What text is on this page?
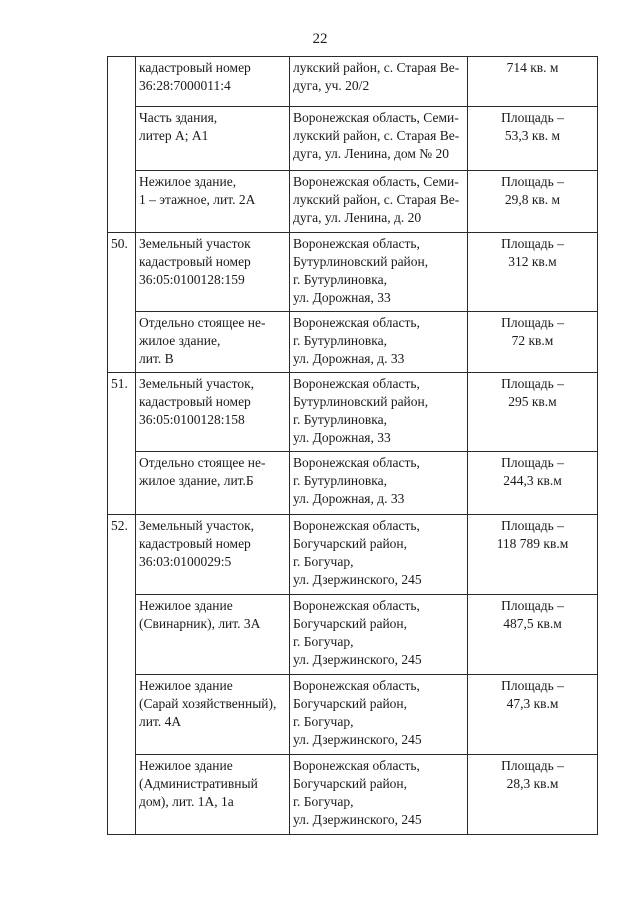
22
	кадастровый номер
36:28:7000011:4	лукский район, с. Старая Ве-
дуга, уч. 20/2	714 кв. м
	Часть здания,
литер А; А1	Воронежская область, Семи-
лукский район, с. Старая Ве-
дуга, ул. Ленина, дом № 20	Площадь –
53,3 кв. м
	Нежилое здание,
1 – этажное, лит. 2А	Воронежская область, Семи-
лукский район, с. Старая Ве-
дуга, ул. Ленина, д. 20	Площадь –
29,8 кв. м
50.	Земельный участок
кадастровый номер
36:05:0100128:159	Воронежская область,
Бутурлиновский район,
г. Бутурлиновка,
ул. Дорожная, 33	Площадь –
312 кв.м
	Отдельно стоящее не-
жилое здание,
лит. В	Воронежская область,
г. Бутурлиновка,
ул. Дорожная, д. 33	Площадь –
72 кв.м
51.	Земельный участок,
кадастровый номер
36:05:0100128:158	Воронежская область,
Бутурлиновский район,
г. Бутурлиновка,
ул. Дорожная, 33	Площадь –
295 кв.м
	Отдельно стоящее не-
жилое здание, лит.Б	Воронежская область,
г. Бутурлиновка,
ул. Дорожная, д. 33	Площадь –
244,3 кв.м
52.	Земельный участок,
кадастровый номер
36:03:0100029:5	Воронежская область,
Богучарский район,
г. Богучар,
ул. Дзержинского, 245	Площадь –
118 789 кв.м
	Нежилое здание
(Свинарник), лит. 3А	Воронежская область,
Богучарский район,
г. Богучар,
ул. Дзержинского, 245	Площадь –
487,5 кв.м
	Нежилое здание
(Сарай хозяйственный),
лит. 4А	Воронежская область,
Богучарский район,
г. Богучар,
ул. Дзержинского, 245	Площадь –
47,3 кв.м
	Нежилое здание
(Административный
дом), лит. 1А, 1а	Воронежская область,
Богучарский район,
г. Богучар,
ул. Дзержинского, 245	Площадь –
28,3 кв.м
